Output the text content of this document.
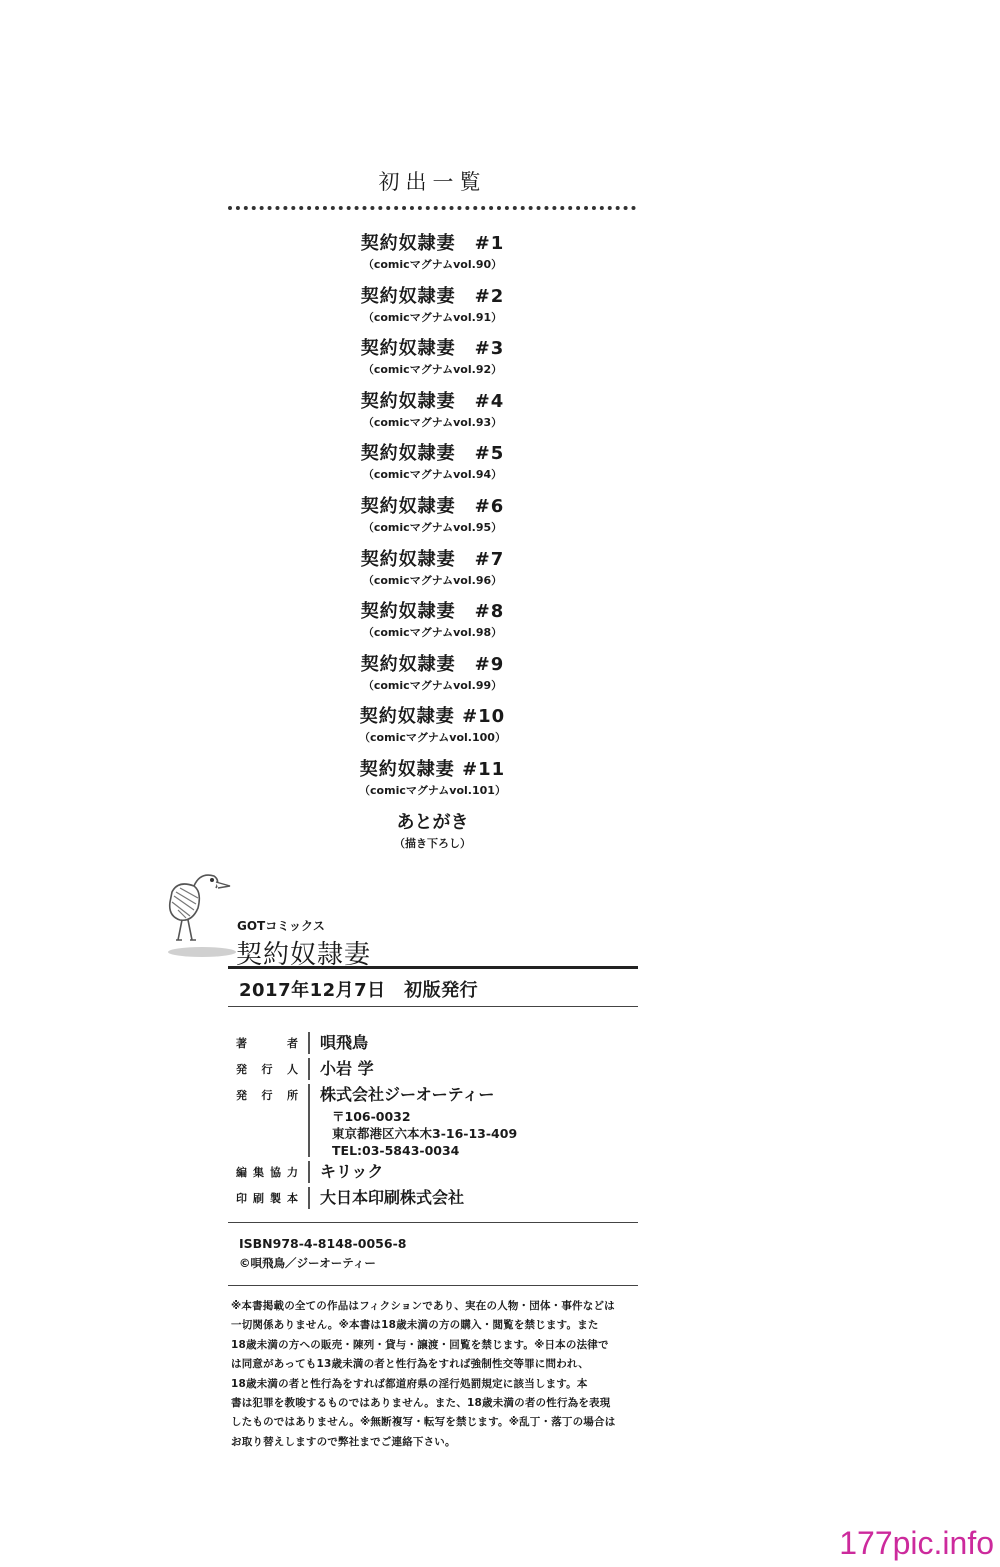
初出一覧
契約奴隷妻　#1
（comicマグナムvol.90）
契約奴隷妻　#2
（comicマグナムvol.91）
契約奴隷妻　#3
（comicマグナムvol.92）
契約奴隷妻　#4
（comicマグナムvol.93）
契約奴隷妻　#5
（comicマグナムvol.94）
契約奴隷妻　#6
（comicマグナムvol.95）
契約奴隷妻　#7
（comicマグナムvol.96）
契約奴隷妻　#8
（comicマグナムvol.98）
契約奴隷妻　#9
（comicマグナムvol.99）
契約奴隷妻 #10
（comicマグナムvol.100）
契約奴隷妻 #11
（comicマグナムvol.101）
あとがき
（描き下ろし）
GOTコミックス
契約奴隷妻
2017年12月7日　初版発行
著	者 唄飛鳥
発 行 人 小岩 学
発 行 所 株式会社ジーオーティー
〒106-0032
東京都港区六本木3-16-13-409
TEL:03-5843-0034
編 集 協 力 キリック
印 刷 製 本 大日本印刷株式会社
ISBN978-4-8148-0056-8
©唄飛鳥／ジーオーティー
※本書掲載の全ての作品はフィクションであり、実在の人物・団体・事件などは
一切関係ありません。※本書は18歳未満の方の購入・閲覧を禁じます。また
18歳未満の方への販売・陳列・貸与・譲渡・回覧を禁じます。※日本の法律で
は同意があっても13歳未満の者と性行為をすれば強制性交等罪に問われ、
18歳未満の者と性行為をすれば都道府県の淫行処罰規定に該当します。本
書は犯罪を教唆するものではありません。また、18歳未満の者の性行為を表現
したものではありません。※無断複写・転写を禁じます。※乱丁・落丁の場合は
お取り替えしますので弊社までご連絡下さい。
177pic.info
